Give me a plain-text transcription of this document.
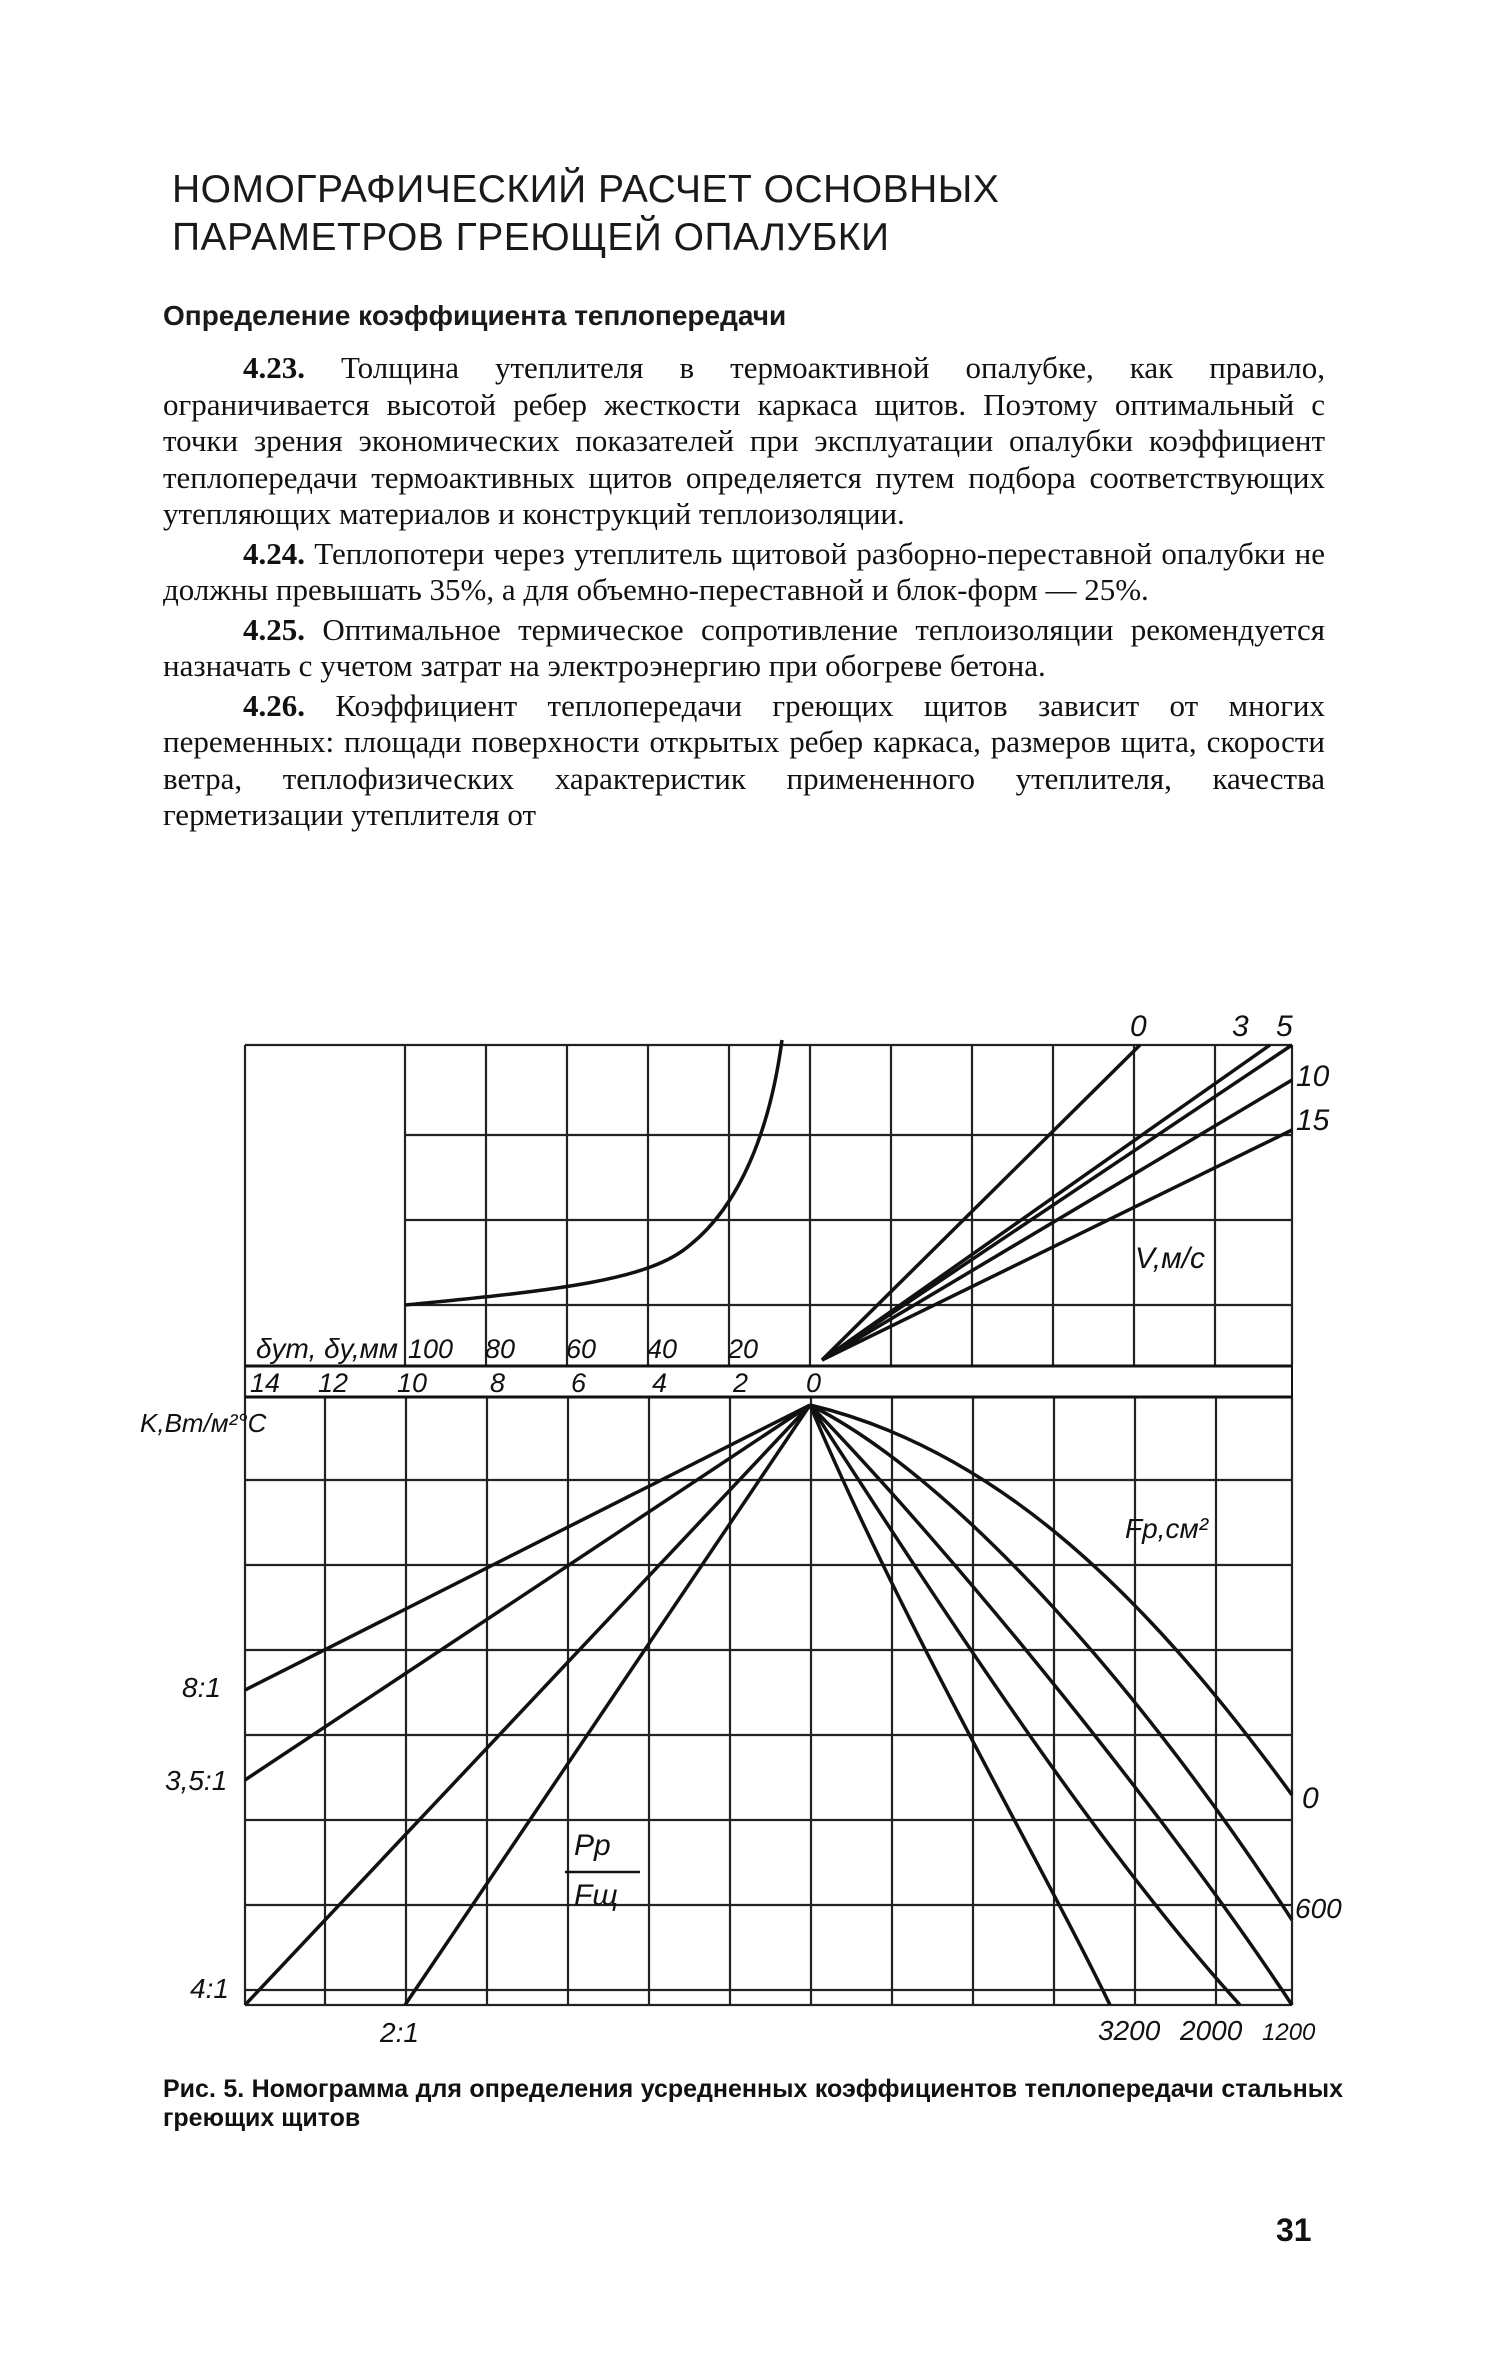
НОМОГРАФИЧЕСКИЙ РАСЧЕТ ОСНОВНЫХ
ПАРАМЕТРОВ ГРЕЮЩЕЙ ОПАЛУБКИ
Определение коэффициента теплопередачи

4.23. Толщина утеплителя в термоактивной опалубке, как правило, ограничивается высотой ребер жесткости каркаса щитов. Поэтому оптимальный с точки зрения экономических показателей при эксплуатации опалубки коэффициент теплопередачи термоактивных щитов определяется путем подбора соответствующих утепляющих материалов и конструкций теплоизоляции.

4.24. Теплопотери через утеплитель щитовой разборно-переставной опалубки не должны превышать 35%, а для объемно-переставной и блок-форм — 25%.

4.25. Оптимальное термическое сопротивление теплоизоляции рекомендуется назначать с учетом затрат на электроэнергию при обогреве бетона.

4.26. Коэффициент теплопередачи греющих щитов зависит от многих переменных: площади поверхности открытых ребер каркаса, размеров щита, скорости ветра, теплофизических характеристик примененного утеплителя, качества герметизации утеплителя от

0	3 5
10
15
V,м/с
δут, δу,мм 100 80 60 40 20
14 12 10 8 6 4 2 0
K,Вт/м²°С
Fр,см²
Pр
Fщ
8:1
3,5:1
4:1
2:1
0
600
3200 2000 1200
Рис. 5. Номограмма для определения усредненных коэффициентов теплопередачи стальных греющих щитов
31
